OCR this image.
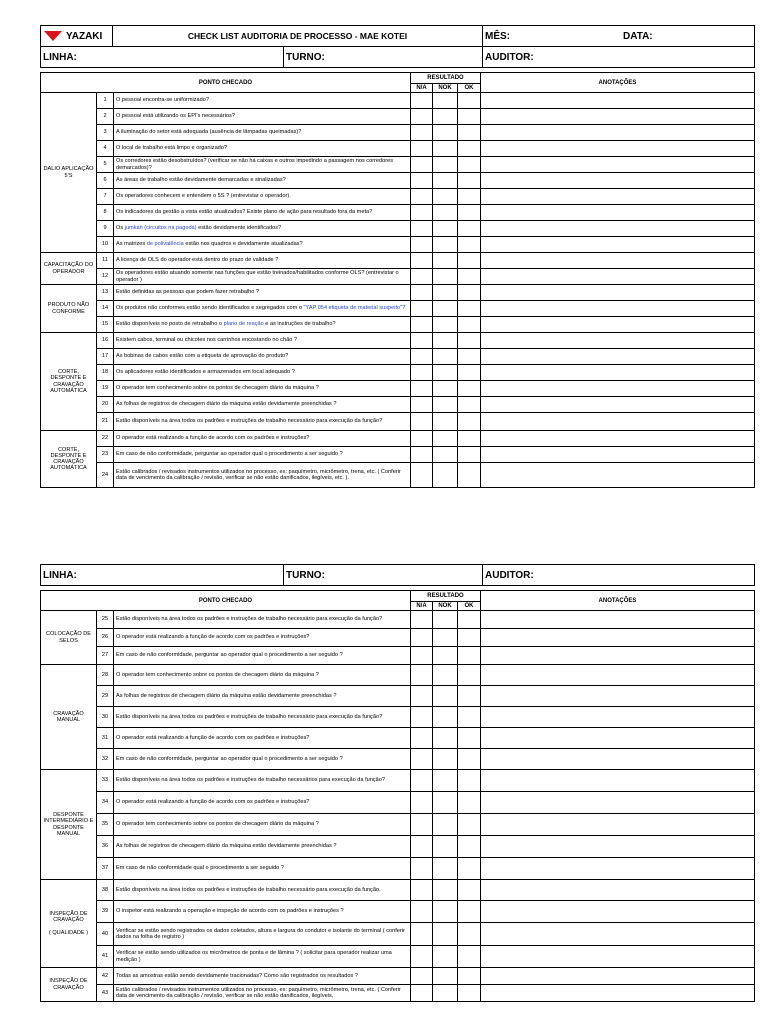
YAZAKI	CHECK LIST AUDITORIA DE PROCESSO - MAE KOTEI		MÊS: DATA:

LINHA:		TURNO:	AUDITOR:
PONTO CHECADO			RESULTADO			ANOTAÇÕES
			N/A	NOK	OK	
DALIO APLICAÇÃO 5'S	1	O pessoal encontra-se uniformizado?				
	2	O pessoal está utilizando os EPI's necessários?				
	3	A iluminação do setor está adequada (ausência de lâmpadas queimadas)?				
	4	O local de trabalho está limpo e organizado?				
	5	Os corredores estão desobstruídos? (verificar se não há caixas e outros impedindo a passagem nos corredores demarcados)?				
	6	As áreas de trabalho estão devidamente demarcadas e sinalizadas?				
	7	Os operadores conhecem e entendem o 5S ? (entrevistar o operador).				
	8	Os indicadores da gestão a vista estão atualizados? Existe plano de ação para resultado fora da meta?				
	9	Os jumkan (circuitos na pagoda) estão devidamente identificados?				
	10	As matrizes de polivalência estão nos quadros e devidamente atualizadas?				
CAPACITAÇÃO DO OPERADOR	11	A licença de OLS do operador está dentro do prazo de validade ?				
	12	Os operadores estão atuando somente nas funções que estão treinados/habilitados conforme OLS? (entrevistar o operador )				
PRODUTO NÃO CONFORME	13	Estão definidas as pessoas que podem fazer retrabalho ?				
	14	Os produtos não conformes estão sendo identificados e segregados com o "YAP 054 etiqueta de material suspeito"?				
	15	Estão disponíveis no posto de retrabalho o plano de reação e as instruções de trabalho?				
CORTE, DESPONTE E CRAVAÇÃO AUTOMÁTICA	16	Existem cabos, terminal ou chicotes nos carrinhos encostando no chão ?				
	17	As bobinas de cabos estão com a etiqueta de aprovação do produto?				
	18	Os aplicadores estão identificados e armazenados em local adequado ?				
	19	O operador tem conhecimento sobre os pontos de checagem diário da máquina ?				
	20	As folhas de registros de checagem diário da máquina estão devidamente preenchidas ?				
	21	Estão disponíveis na área todos os padrões e instruções de trabalho necessário para execução da função?				
CORTE, DESPONTE E CRAVAÇÃO AUTOMÁTICA	22	O operador está realizando a função de acordo com os padrões e instruções?				
	23	Em caso de não conformidade, perguntar ao operador qual o procedimento a ser seguido ?				
	24	Estão calibrados / revisados instrumentos utilizados no processo, ex: paquímetro, micrômetro, trena, etc. ( Conferir data de vencimento da calibração / revisão, verificar se não estão danificados, ilegíveis, etc. ).				
LINHA:	TURNO:	AUDITOR:
PONTO CHECADO			RESULTADO			ANOTAÇÕES
			N/A	NOK	OK	
COLOCAÇÃO DE SELOS	25	Estão disponíveis na área todos os padrões e instruções de trabalho necessário para execução da função?				
	26	O operador está realizando a função de acordo com os padrões e instruções?				
	27	Em caso de não conformidade, perguntar ao operador qual o procedimento a ser seguido ?				
CRAVAÇÃO MANUAL	28	O operador tem conhecimento sobre os pontos de checagem diário da máquina ?				
	29	As folhas de registros de checagem diário da máquina estão devidamente preenchidas ?				
	30	Estão disponíveis na área todos os padrões e instruções de trabalho necessário para execução da função?				
	31	O operador está realizando a função de acordo com os padrões e instruções?				
	32	Em caso de não conformidade, perguntar ao operador qual o procedimento a ser seguido ?				
DESPONTE INTERMEDIÁRIO E DESPONTE MANUAL	33	Estão disponíveis na área todos os padrões e instruções de trabalho necessários para execução da função?				
	34	O operador está realizando a função de acordo com os padrões e instruções?				
	35	O operador tem conhecimento sobre os pontos de checagem diário da máquina ?				
	36	As folhas de registros de checagem diário da máquina estão devidamente preenchidas ?				
	37	Em caso de não conformidade qual o procedimento a ser seguido ?				
INSPEÇÃO DE CRAVAÇÃO

( QUALIDADE )	38	Estão disponíveis na área todos os padrões e instruções de trabalho necessário para execução da função.				
	39	O inspetor está realizando a operação e inspeção de acordo com os padrões e instruções ?				
	40	Verificar se estão sendo registrados os dados coletados, altura e largura do condutor e isolante do terminal ( conferir dados na folha de registro )				
	41	Verificar se estão sendo utilizados os micrômetros de ponta e de lâmina ? ( solicitar para operador realizar uma medição )				
INSPEÇÃO DE CRAVAÇÃO	42	Todas as amostras estão sendo devidamente tracionadas? Como são registrados os resultados ?				
	43	Estão calibrados / revisados instrumentos utilizados no processo, ex: paquímetro, micrômetro, trena, etc. ( Conferir data de vencimento da calibração / revisão, verificar se não estão danificados, ilegíveis,				
